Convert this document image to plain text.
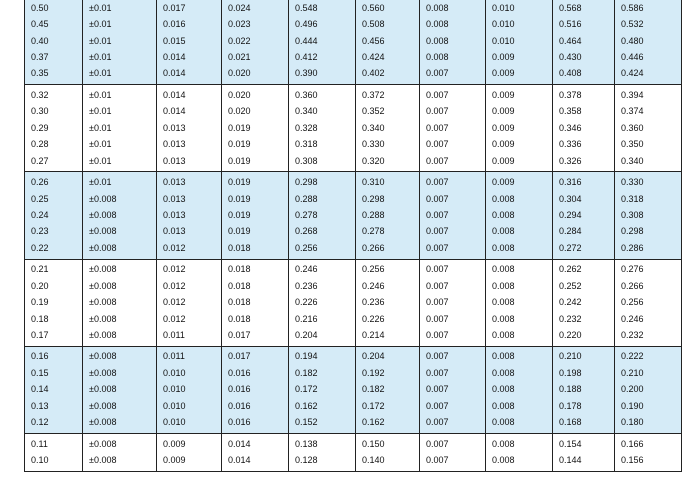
0.50	±0.01	0.017	0.024	0.548	0.560	0.008	0.010	0.568	0.586
0.45	±0.01	0.016	0.023	0.496	0.508	0.008	0.010	0.516	0.532
0.40	±0.01	0.015	0.022	0.444	0.456	0.008	0.010	0.464	0.480
0.37	±0.01	0.014	0.021	0.412	0.424	0.008	0.009	0.430	0.446
0.35	±0.01	0.014	0.020	0.390	0.402	0.007	0.009	0.408	0.424
0.32	±0.01	0.014	0.020	0.360	0.372	0.007	0.009	0.378	0.394
0.30	±0.01	0.014	0.020	0.340	0.352	0.007	0.009	0.358	0.374
0.29	±0.01	0.013	0.019	0.328	0.340	0.007	0.009	0.346	0.360
0.28	±0.01	0.013	0.019	0.318	0.330	0.007	0.009	0.336	0.350
0.27	±0.01	0.013	0.019	0.308	0.320	0.007	0.009	0.326	0.340
0.26	±0.01	0.013	0.019	0.298	0.310	0.007	0.009	0.316	0.330
0.25	±0.008	0.013	0.019	0.288	0.298	0.007	0.008	0.304	0.318
0.24	±0.008	0.013	0.019	0.278	0.288	0.007	0.008	0.294	0.308
0.23	±0.008	0.013	0.019	0.268	0.278	0.007	0.008	0.284	0.298
0.22	±0.008	0.012	0.018	0.256	0.266	0.007	0.008	0.272	0.286
0.21	±0.008	0.012	0.018	0.246	0.256	0.007	0.008	0.262	0.276
0.20	±0.008	0.012	0.018	0.236	0.246	0.007	0.008	0.252	0.266
0.19	±0.008	0.012	0.018	0.226	0.236	0.007	0.008	0.242	0.256
0.18	±0.008	0.012	0.018	0.216	0.226	0.007	0.008	0.232	0.246
0.17	±0.008	0.011	0.017	0.204	0.214	0.007	0.008	0.220	0.232
0.16	±0.008	0.011	0.017	0.194	0.204	0.007	0.008	0.210	0.222
0.15	±0.008	0.010	0.016	0.182	0.192	0.007	0.008	0.198	0.210
0.14	±0.008	0.010	0.016	0.172	0.182	0.007	0.008	0.188	0.200
0.13	±0.008	0.010	0.016	0.162	0.172	0.007	0.008	0.178	0.190
0.12	±0.008	0.010	0.016	0.152	0.162	0.007	0.008	0.168	0.180
0.11	±0.008	0.009	0.014	0.138	0.150	0.007	0.008	0.154	0.166
0.10	±0.008	0.009	0.014	0.128	0.140	0.007	0.008	0.144	0.156
